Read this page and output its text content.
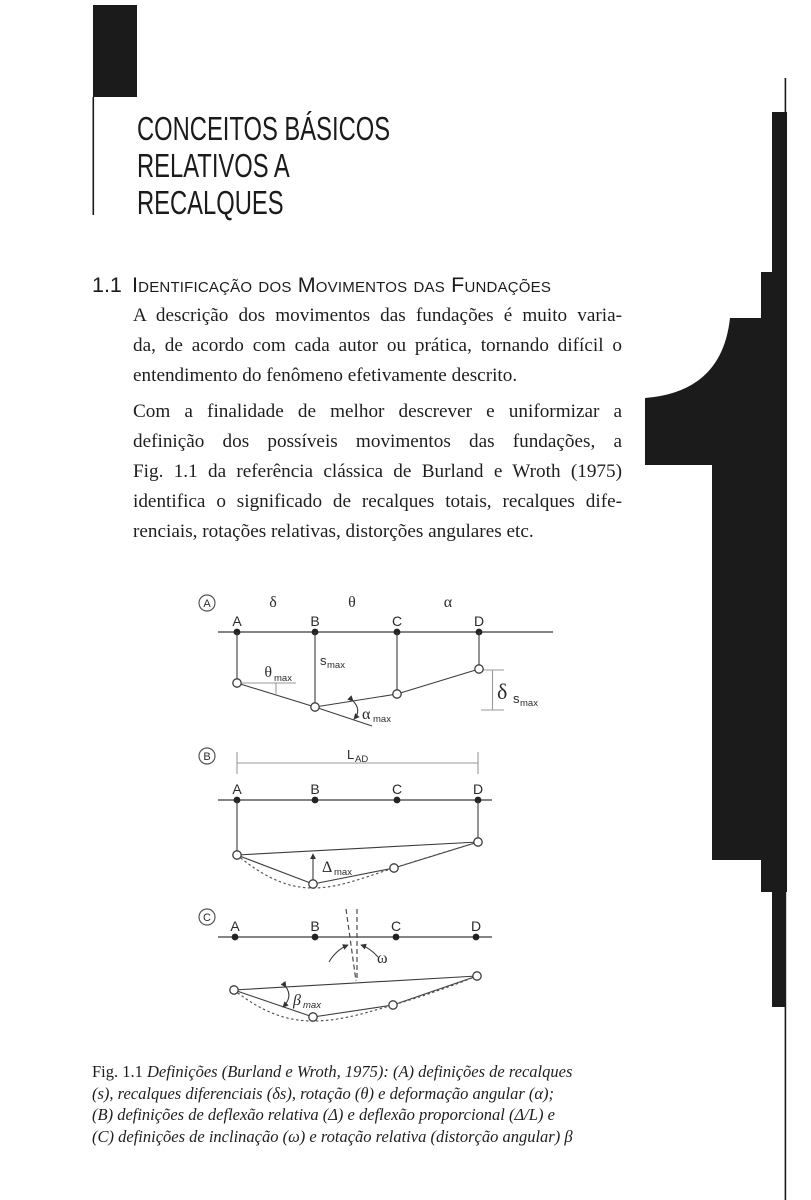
CONCEITOS BÁSICOS
RELATIVOS A
RECALQUES
1.1 Identificação dos Movimentos das Fundações
A descrição dos movimentos das fundações é muito varia-
da, de acordo com cada autor ou prática, tornando difícil o
entendimento do fenômeno efetivamente descrito.
Com a finalidade de melhor descrever e uniformizar a
definição dos possíveis movimentos das fundações, a
Fig. 1.1 da referência clássica de Burland e Wroth (1975)
identifica o significado de recalques totais, recalques dife-
renciais, rotações relativas, distorções angulares etc.
A	δ	θ	α
A	B	C	D
θ max
s max
α max
δ s max
B	L AD
A	B	C	D
Δ max
C A	B	C	D
ω
β max
Fig. 1.1 Definições (Burland e Wroth, 1975): (A) definições de recalques
(s), recalques diferenciais (δs), rotação (θ) e deformação angular (α);
(B) definições de deflexão relativa (Δ) e deflexão proporcional (Δ/L) e
(C) definições de inclinação (ω) e rotação relativa (distorção angular) β
